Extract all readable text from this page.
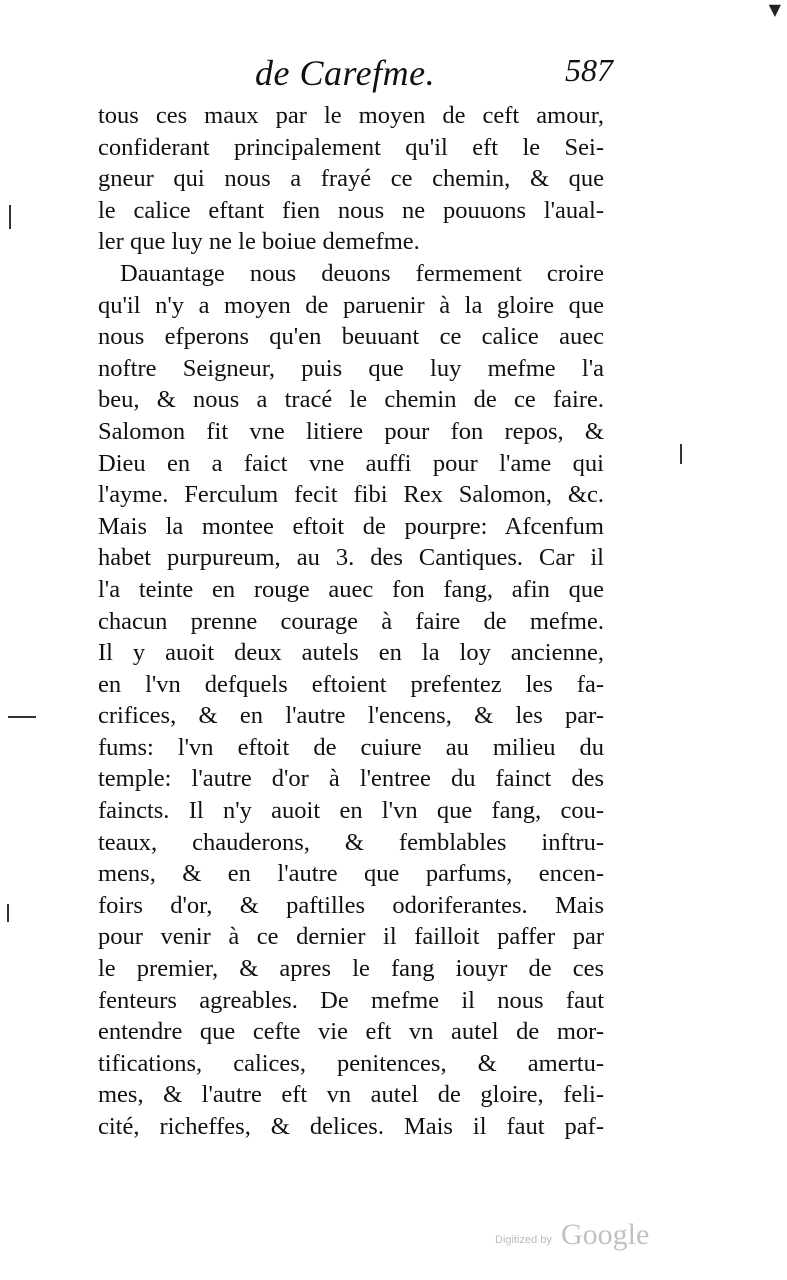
▼
de Carefme.	587
tous ces maux par le moyen de ceft amour,
confiderant principalement qu'il eft le Sei-
gneur qui nous a frayé ce chemin, & que
le calice eftant fien nous ne pouuons l'aual-
ler que luy ne le boiue demefme.
Dauantage nous deuons fermement croire
qu'il n'y a moyen de paruenir à la gloire que
nous efperons qu'en beuuant ce calice auec
noftre Seigneur, puis que luy mefme l'a
beu, & nous a tracé le chemin de ce faire.
Salomon fit vne litiere pour fon repos, &
Dieu en a faict vne auffi pour l'ame qui
l'ayme. Ferculum fecit fibi Rex Salomon, &c.
Mais la montee eftoit de pourpre: Afcenfum
habet purpureum, au 3. des Cantiques. Car il
l'a teinte en rouge auec fon fang, afin que
chacun prenne courage à faire de mefme.
Il y auoit deux autels en la loy ancienne,
en l'vn defquels eftoient prefentez les fa-
crifices, & en l'autre l'encens, & les par-
fums: l'vn eftoit de cuiure au milieu du
temple: l'autre d'or à l'entree du fainct des
faincts. Il n'y auoit en l'vn que fang, cou-
teaux, chauderons, & femblables inftru-
mens, & en l'autre que parfums, encen-
foirs d'or, & paftilles odoriferantes. Mais
pour venir à ce dernier il failloit paffer par
le premier, & apres le fang iouyr de ces
fenteurs agreables. De mefme il nous faut
entendre que cefte vie eft vn autel de mor-
tifications, calices, penitences, & amertu-
mes, & l'autre eft vn autel de gloire, feli-
cité, richeffes, & delices. Mais il faut paf-
Digitized by Google
